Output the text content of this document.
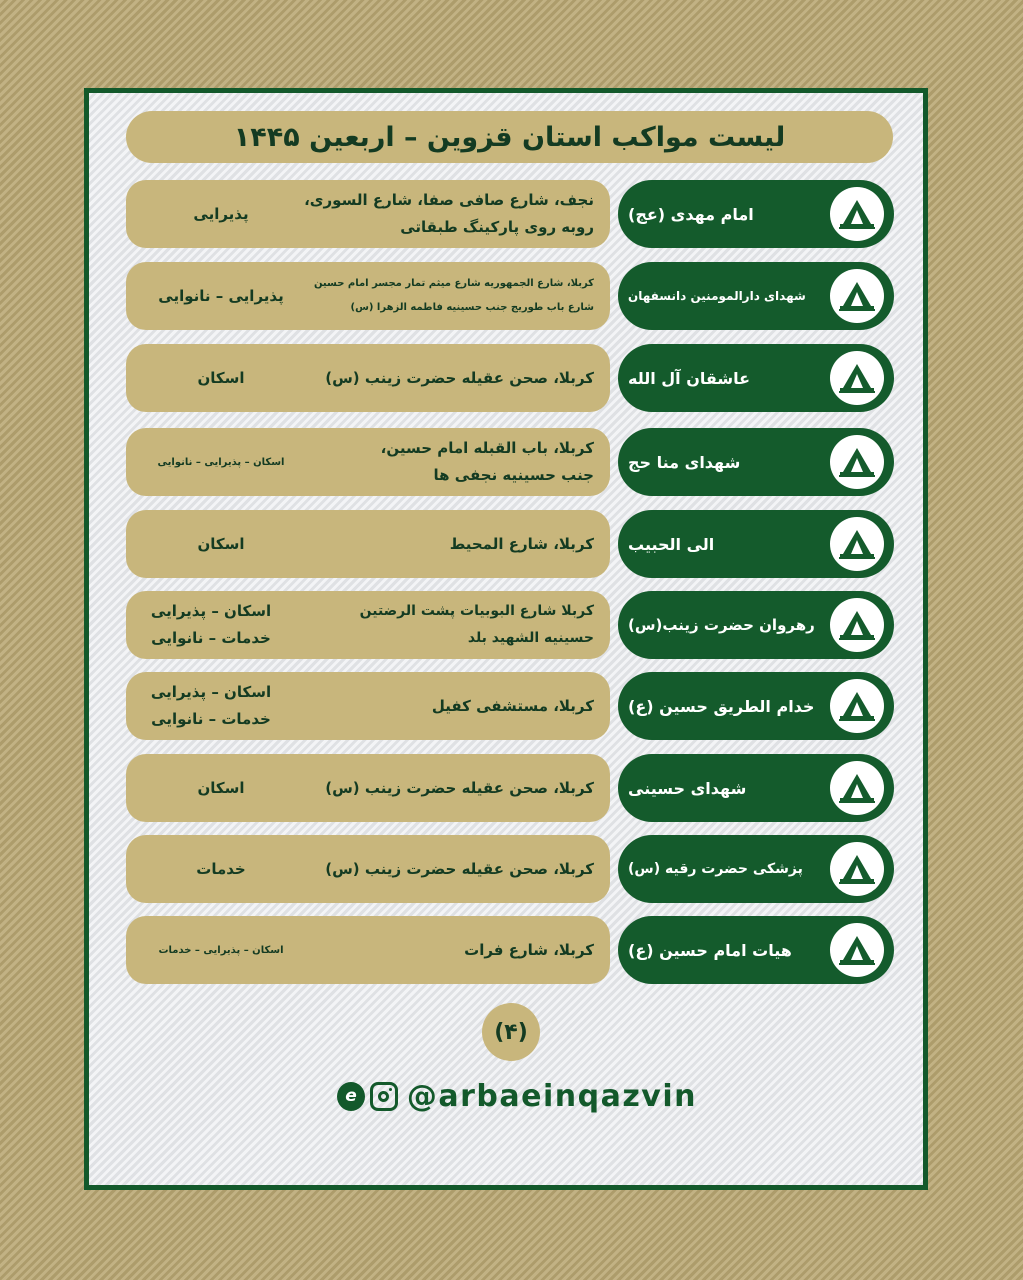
لیست مواکب استان قزوین – اربعین ۱۴۴۵
امام مهدی (عج)
نجف، شارع صافی صفا، شارع السوری، روبه روی پارکینگ طبقاتی
پذیرایی
شهدای دارالمومنین دانسفهان
کربلا، شارع الجمهوریه شارع میثم تمار مجسر امام حسین شارع باب طوریج جنب حسینیه فاطمه الزهرا (س)
پذیرایی – نانوایی
عاشقان آل الله
کربلا، صحن عقیله حضرت زینب (س)
اسکان
شهدای منا حج
کربلا، باب القبله امام حسین، جنب حسینیه نجفی ها
اسکان – پذیرایی – نانوایی
الی الحبیب
کربلا، شارع المحیط
اسکان
رهروان حضرت زینب(س)
کربلا شارع البوبیات پشت الرضتین حسینیه الشهید بلد
اسکان – پذیرایی خدمات – نانوایی
خدام الطریق حسین (ع)
کربلا، مستشفی کفیل
اسکان – پذیرایی خدمات – نانوایی
شهدای حسینی
کربلا، صحن عقیله حضرت زینب (س)
اسکان
پزشکی حضرت رقیه (س)
کربلا، صحن عقیله حضرت زینب (س)
خدمات
هیات امام حسین (ع)
کربلا، شارع فرات
اسکان – پذیرایی – خدمات
(۴)
e @arbaeinqazvin
